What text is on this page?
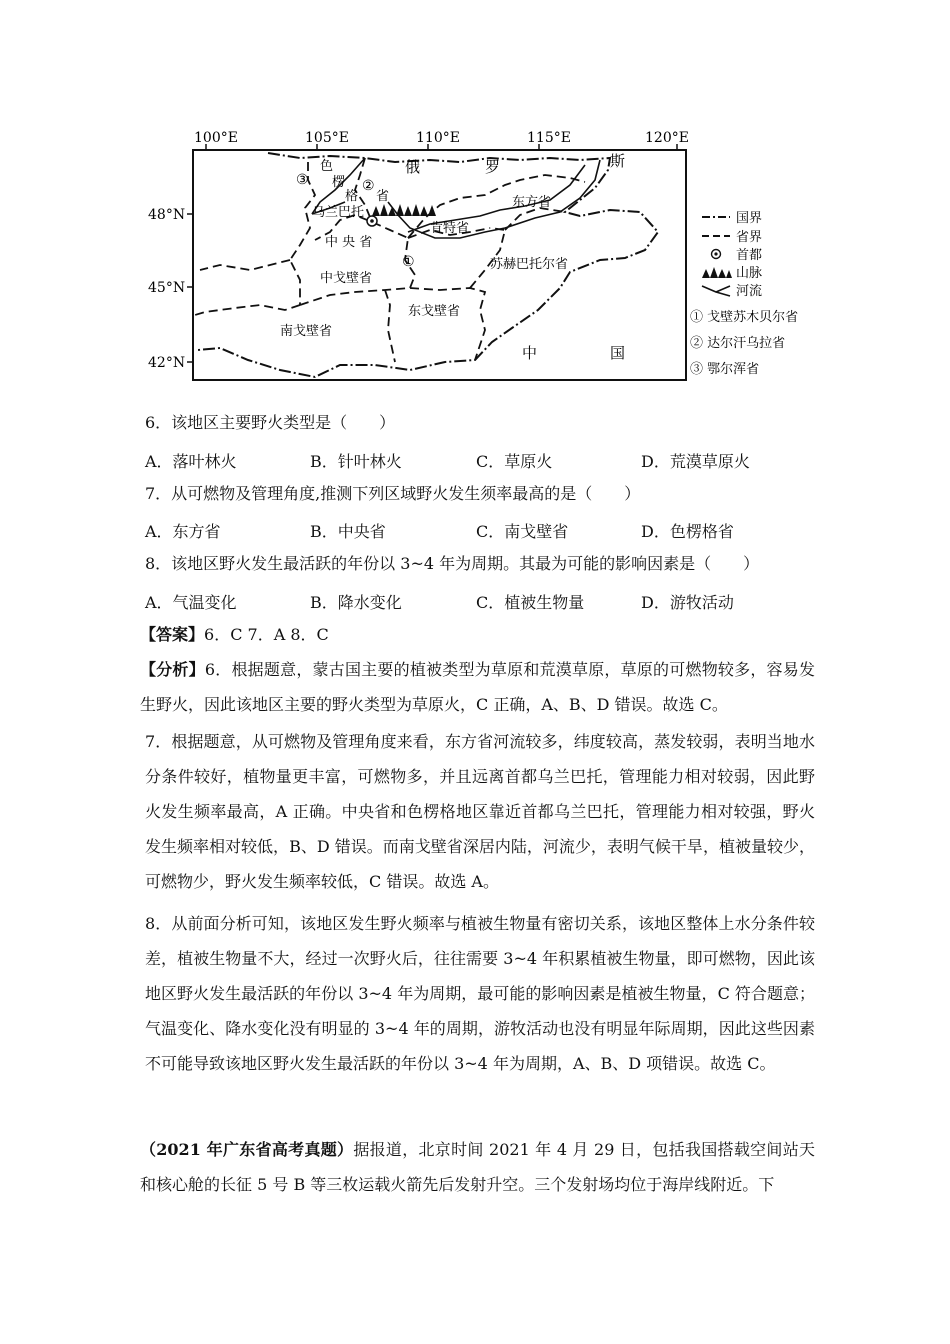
100°E	105°E	110°E	115°E	120°E
48°N
45°N
42°N
俄	罗	斯
中	国
色
楞
格 省
乌兰巴托
东方省
肯特省
中 央 省
中戈壁省
苏赫巴托尔省
东戈壁省
南戈壁省
①
②
③
国界
省界
首都
山脉
河流
① 戈壁苏木贝尔省
② 达尔汗乌拉省
③ 鄂尔浑省
6．该地区主要野火类型是（　　）
A．落叶林火	B．针叶林火	C．草原火	D．荒漠草原火
7．从可燃物及管理角度,推测下列区域野火发生须率最高的是（　　）
A．东方省	B．中央省	C．南戈壁省	D．色楞格省
8．该地区野火发生最活跃的年份以 3~4 年为周期。其最为可能的影响因素是（　　）
A．气温变化	B．降水变化	C．植被生物量	D．游牧活动
【答案】6．C 7．A 8．C
【分析】6．根据题意，蒙古国主要的植被类型为草原和荒漠草原，草原的可燃物较多，容易发生野火，因此该地区主要的野火类型为草原火，C 正确，A、B、D 错误。故选 C。
7．根据题意，从可燃物及管理角度来看，东方省河流较多，纬度较高，蒸发较弱，表明当地水分条件较好，植物量更丰富，可燃物多，并且远离首都乌兰巴托，管理能力相对较弱，因此野火发生频率最高，A 正确。中央省和色楞格地区靠近首都乌兰巴托，管理能力相对较强，野火发生频率相对较低，B、D 错误。而南戈壁省深居内陆，河流少，表明气候干旱，植被量较少，可燃物少，野火发生频率较低，C 错误。故选 A。
8．从前面分析可知，该地区发生野火频率与植被生物量有密切关系，该地区整体上水分条件较差，植被生物量不大，经过一次野火后，往往需要 3~4 年积累植被生物量，即可燃物，因此该地区野火发生最活跃的年份以 3~4 年为周期，最可能的影响因素是植被生物量，C 符合题意；气温变化、降水变化没有明显的 3~4 年的周期，游牧活动也没有明显年际周期，因此这些因素不可能导致该地区野火发生最活跃的年份以 3~4 年为周期，A、B、D 项错误。故选 C。
（2021 年广东省高考真题）据报道，北京时间 2021 年 4 月 29 日，包括我国搭载空间站天和核心舱的长征 5 号 B 等三枚运载火箭先后发射升空。三个发射场均位于海岸线附近。下
